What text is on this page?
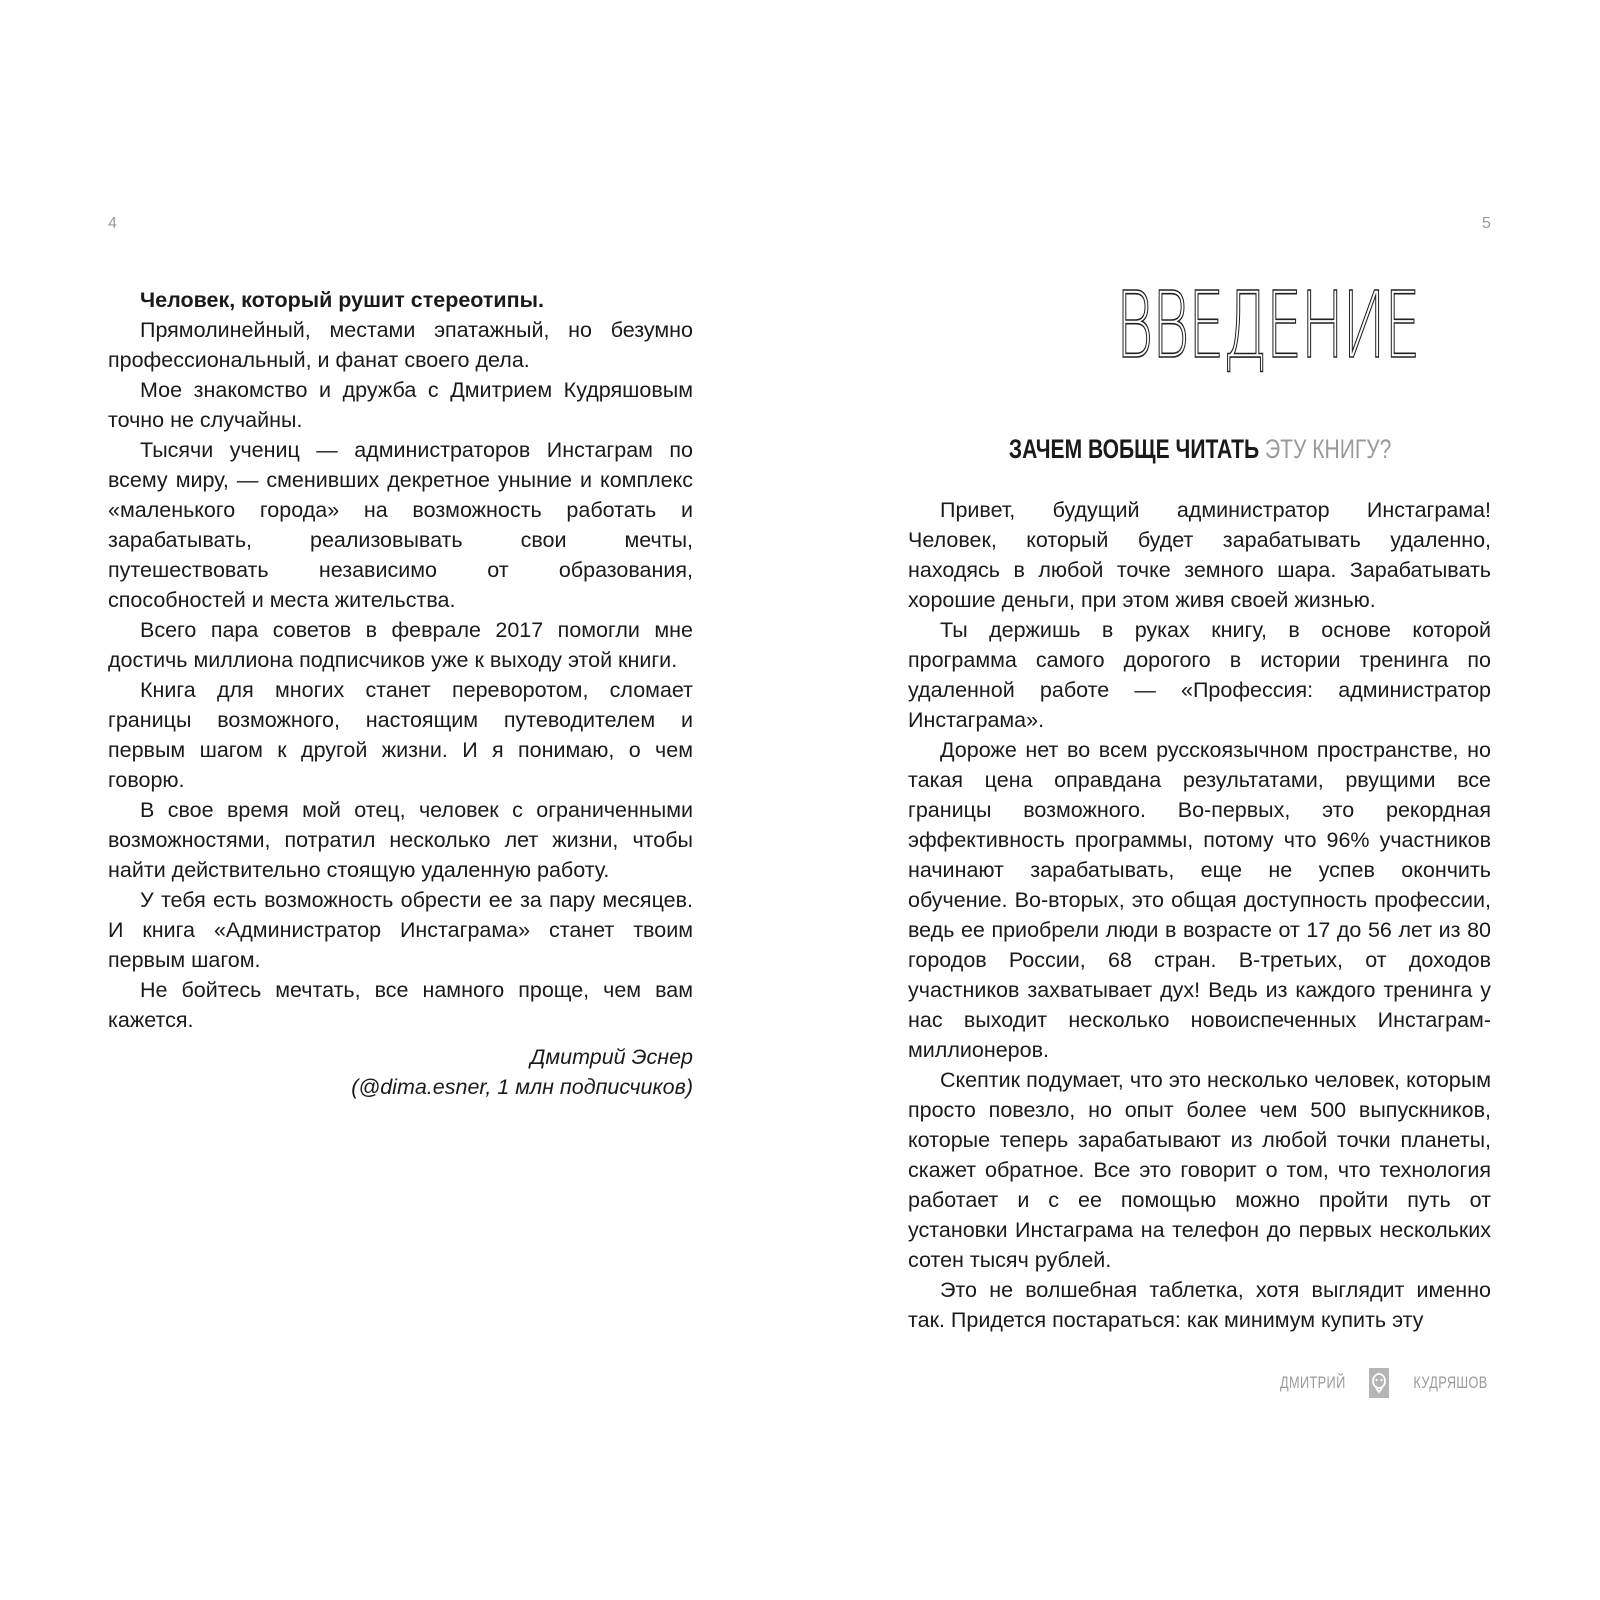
4	5

Человек, который рушит стереотипы.

Прямолинейный, местами эпатажный, но безумно профессиональный, и фанат своего дела.

Мое знакомство и дружба с Дмитрием Кудряшовым точно не случайны.

Тысячи учениц — администраторов Инстаграм по всему миру, — сменивших декретное уныние и комплекс «маленького города» на возможность работать и зарабатывать, реализовывать свои мечты, путешествовать независимо от образования, способностей и места жительства.

Всего пара советов в феврале 2017 помогли мне достичь миллиона подписчиков уже к выходу этой книги.

Книга для многих станет переворотом, сломает границы возможного, настоящим путеводителем и первым шагом к другой жизни. И я понимаю, о чем говорю.

В свое время мой отец, человек с ограниченными возможностями, потратил несколько лет жизни, чтобы найти действительно стоящую удаленную работу.

У тебя есть возможность обрести ее за пару месяцев. И книга «Администратор Инстаграма» станет твоим первым шагом.

Не бойтесь мечтать, все намного проще, чем вам кажется.

Дмитрий Эснер
(@dima.esner, 1 млн подписчиков)
ВВЕДЕНИЕ
ЗАЧЕМ ВОБЩЕ ЧИТАТЬ ЭТУ КНИГУ?

Привет, будущий администратор Инстаграма! Человек, который будет зарабатывать удаленно, находясь в любой точке земного шара. Зарабатывать хорошие деньги, при этом живя своей жизнью.

Ты держишь в руках книгу, в основе которой программа самого дорогого в истории тренинга по удаленной работе — «Профессия: администратор Инстаграма».

Дороже нет во всем русскоязычном пространстве, но такая цена оправдана результатами, рвущими все границы возможного. Во-первых, это рекордная эффективность программы, потому что 96% участников начинают зарабатывать, еще не успев окончить обучение. Во-вторых, это общая доступность профессии, ведь ее приобрели люди в возрасте от 17 до 56 лет из 80 городов России, 68 стран. В-третьих, от доходов участников захватывает дух! Ведь из каждого тренинга у нас выходит несколько новоиспеченных Инстаграм-миллионеров.

Скептик подумает, что это несколько человек, которым просто повезло, но опыт более чем 500 выпускников, которые теперь зарабатывают из любой точки планеты, скажет обратное. Все это говорит о том, что технология работает и с ее помощью можно пройти путь от установки Инстаграма на телефон до первых нескольких сотен тысяч рублей.

Это не волшебная таблетка, хотя выглядит именно так. Придется постараться: как минимум купить эту

ДМИТРИЙ	КУДРЯШОВ
